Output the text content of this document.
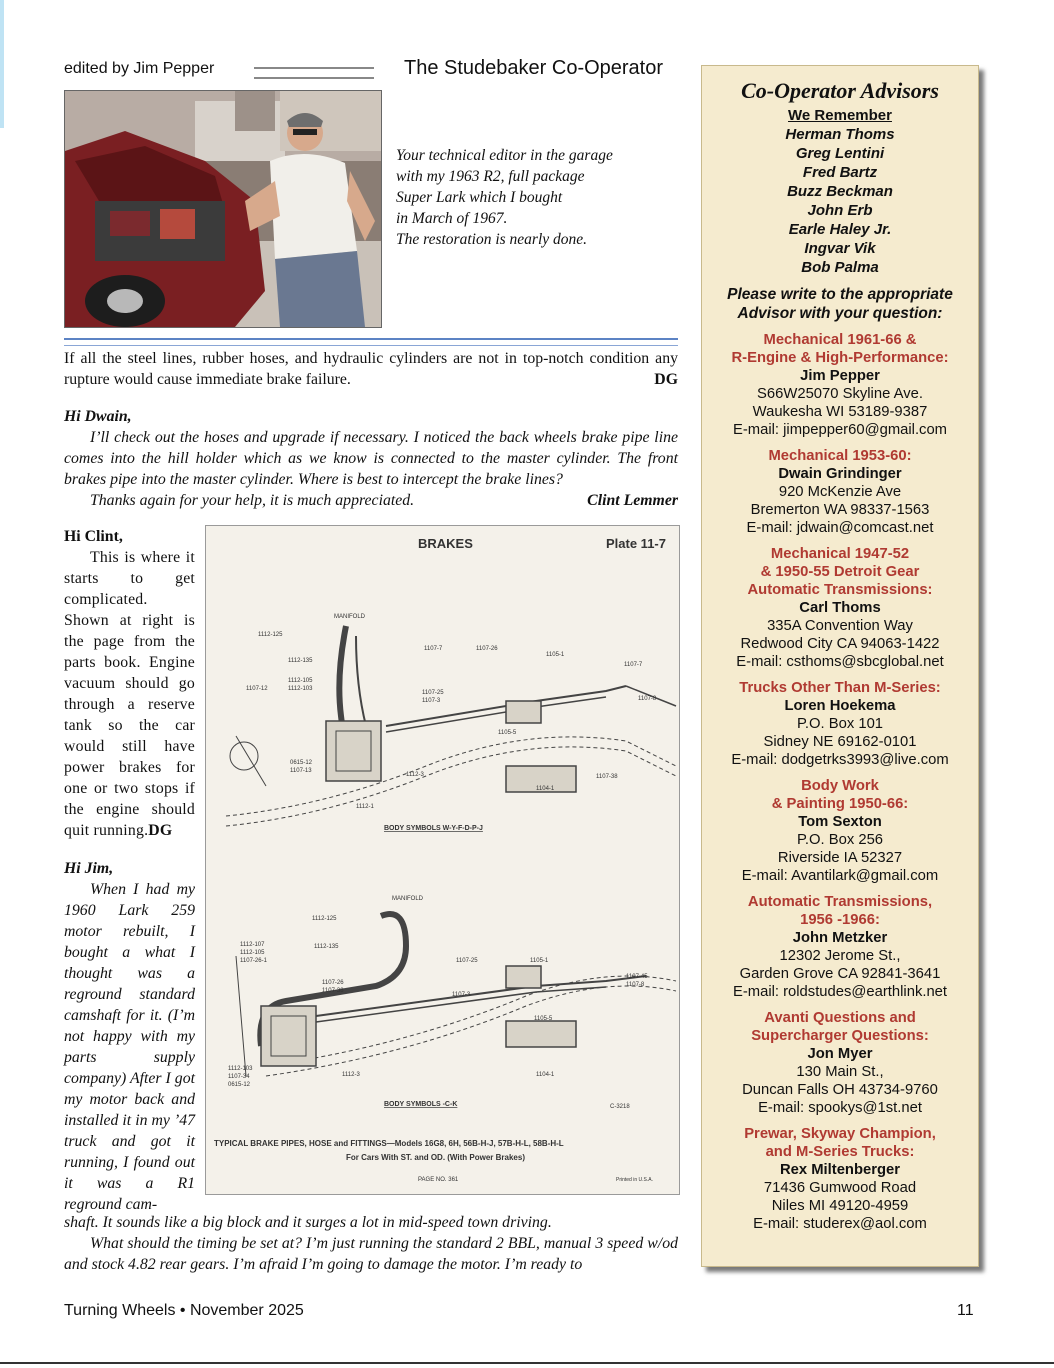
edited by Jim Pepper	The Studebaker Co-Operator
Your technical editor in the garage
with my 1963 R2, full package
Super Lark which I bought
in March of 1967.
The restoration is nearly done.
If all the steel lines, rubber hoses, and hydraulic cylinders are not in top-notch condition any rupture would cause immediate brake failure.	DG
Hi Dwain,
I’ll check out the hoses and upgrade if necessary. I noticed the back wheels brake pipe line comes into the hill holder which as we know is connected to the master cylinder. The front brakes pipe into the master cylinder. Where is best to intercept the brake lines?
Thanks again for your help, it is much appreciated.	Clint Lemmer
Hi Clint,
This is where it starts to get complicated. Shown at right is the page from the parts book. Engine vacuum should go through a reserve tank so the car would still have power brakes for one or two stops if the engine should quit running.DG
Hi Jim,
When I had my 1960 Lark 259 motor rebuilt, I bought a what I thought was a reground standard camshaft for it. (I’m not happy with my parts supply company) After I got my motor back and installed it in my ’47 truck and got it running, I found out it was a R1 reground cam-
shaft. It sounds like a big block and it surges a lot in mid-speed town driving.
What should the timing be set at? I’m just running the standard 2 BBL, manual 3 speed w/od and stock 4.82 rear gears. I’m afraid I’m going to damage the motor. I’m ready to
BRAKES	Plate 11-7
MANIFOLD
1112-125
1112-135
1112-105
1112-103
1107-12
1107-7	1107-26
1105-1
1107-7
1107-25
1107-3	1107-8
1105-5
0615-12
1107-13
1112-3
1104-1
1107-38
1112-1
BODY SYMBOLS W-Y-F-D-P-J
MANIFOLD
1112-125
1112-107
1112-105
1107-26-1
1112-135
1107-25	1105-1
1107-45
1107-8
1107-26
1107-38
1107-3
1105-5
1112-103
1107-34
0615-12
1112-3	1104-1
BODY SYMBOLS -C-K	C-3218
TYPICAL BRAKE PIPES, HOSE and FITTINGS—Models 16G8, 6H, 56B-H-J, 57B-H-L, 58B-H-L
For Cars With ST. and OD. (With Power Brakes)
PAGE NO. 361	Printed in U.S.A.
Co-Operator Advisors
We Remember
Herman Thoms
Greg Lentini
Fred Bartz
Buzz Beckman
John Erb
Earle Haley Jr.
Ingvar Vik
Bob Palma
Please write to the appropriate
Advisor with your question:
Mechanical 1961-66 &
R-Engine & High-Performance:
Jim Pepper
S66W25070 Skyline Ave.
Waukesha WI 53189-9387
E-mail: jimpepper60@gmail.com
Mechanical 1953-60:
Dwain Grindinger
920 McKenzie Ave
Bremerton WA 98337-1563
E-mail: jdwain@comcast.net
Mechanical 1947-52
& 1950-55 Detroit Gear
Automatic Transmissions:
Carl Thoms
335A Convention Way
Redwood City CA 94063-1422
E-mail: csthoms@sbcglobal.net
Trucks Other Than M-Series:
Loren Hoekema
P.O. Box 101
Sidney NE 69162-0101
E-mail: dodgetrks3993@live.com
Body Work
& Painting 1950-66:
Tom Sexton
P.O. Box 256
Riverside IA 52327
E-mail: Avantilark@gmail.com
Automatic Transmissions,
1956 -1966:
John Metzker
12302 Jerome St.,
Garden Grove CA 92841-3641
E-mail: roldstudes@earthlink.net
Avanti Questions and
Supercharger Questions:
Jon Myer
130 Main St.,
Duncan Falls OH 43734-9760
E-mail: spookys@1st.net
Prewar, Skyway Champion,
and M-Series Trucks:
Rex Miltenberger
71436 Gumwood Road
Niles MI 49120-4959
E-mail: studerex@aol.com
Turning Wheels • November 2025	11
